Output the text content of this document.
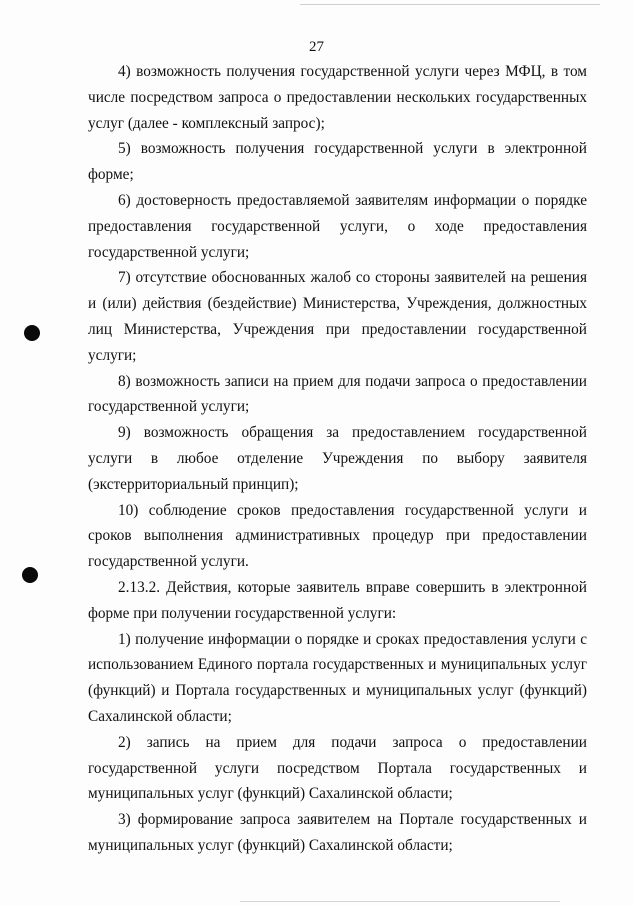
27

4) возможность получения государственной услуги через МФЦ, в том числе посредством запроса о предоставлении нескольких государственных услуг (далее - комплексный запрос);

5) возможность получения государственной услуги в электронной форме;

6) достоверность предоставляемой заявителям информации о порядке предоставления государственной услуги, о ходе предоставления государственной услуги;

7) отсутствие обоснованных жалоб со стороны заявителей на решения и (или) действия (бездействие) Министерства, Учреждения, должностных лиц Министерства, Учреждения при предоставлении государственной услуги;

8) возможность записи на прием для подачи запроса о предоставлении государственной услуги;

9) возможность обращения за предоставлением государственной услуги в любое отделение Учреждения по выбору заявителя (экстерриториальный принцип);

10) соблюдение сроков предоставления государственной услуги и сроков выполнения административных процедур при предоставлении государственной услуги.

2.13.2. Действия, которые заявитель вправе совершить в электронной форме при получении государственной услуги:

1) получение информации о порядке и сроках предоставления услуги с использованием Единого портала государственных и муниципальных услуг (функций) и Портала государственных и муниципальных услуг (функций) Сахалинской области;

2) запись на прием для подачи запроса о предоставлении государственной услуги посредством Портала государственных и муниципальных услуг (функций) Сахалинской области;

3) формирование запроса заявителем на Портале государственных и муниципальных услуг (функций) Сахалинской области;
